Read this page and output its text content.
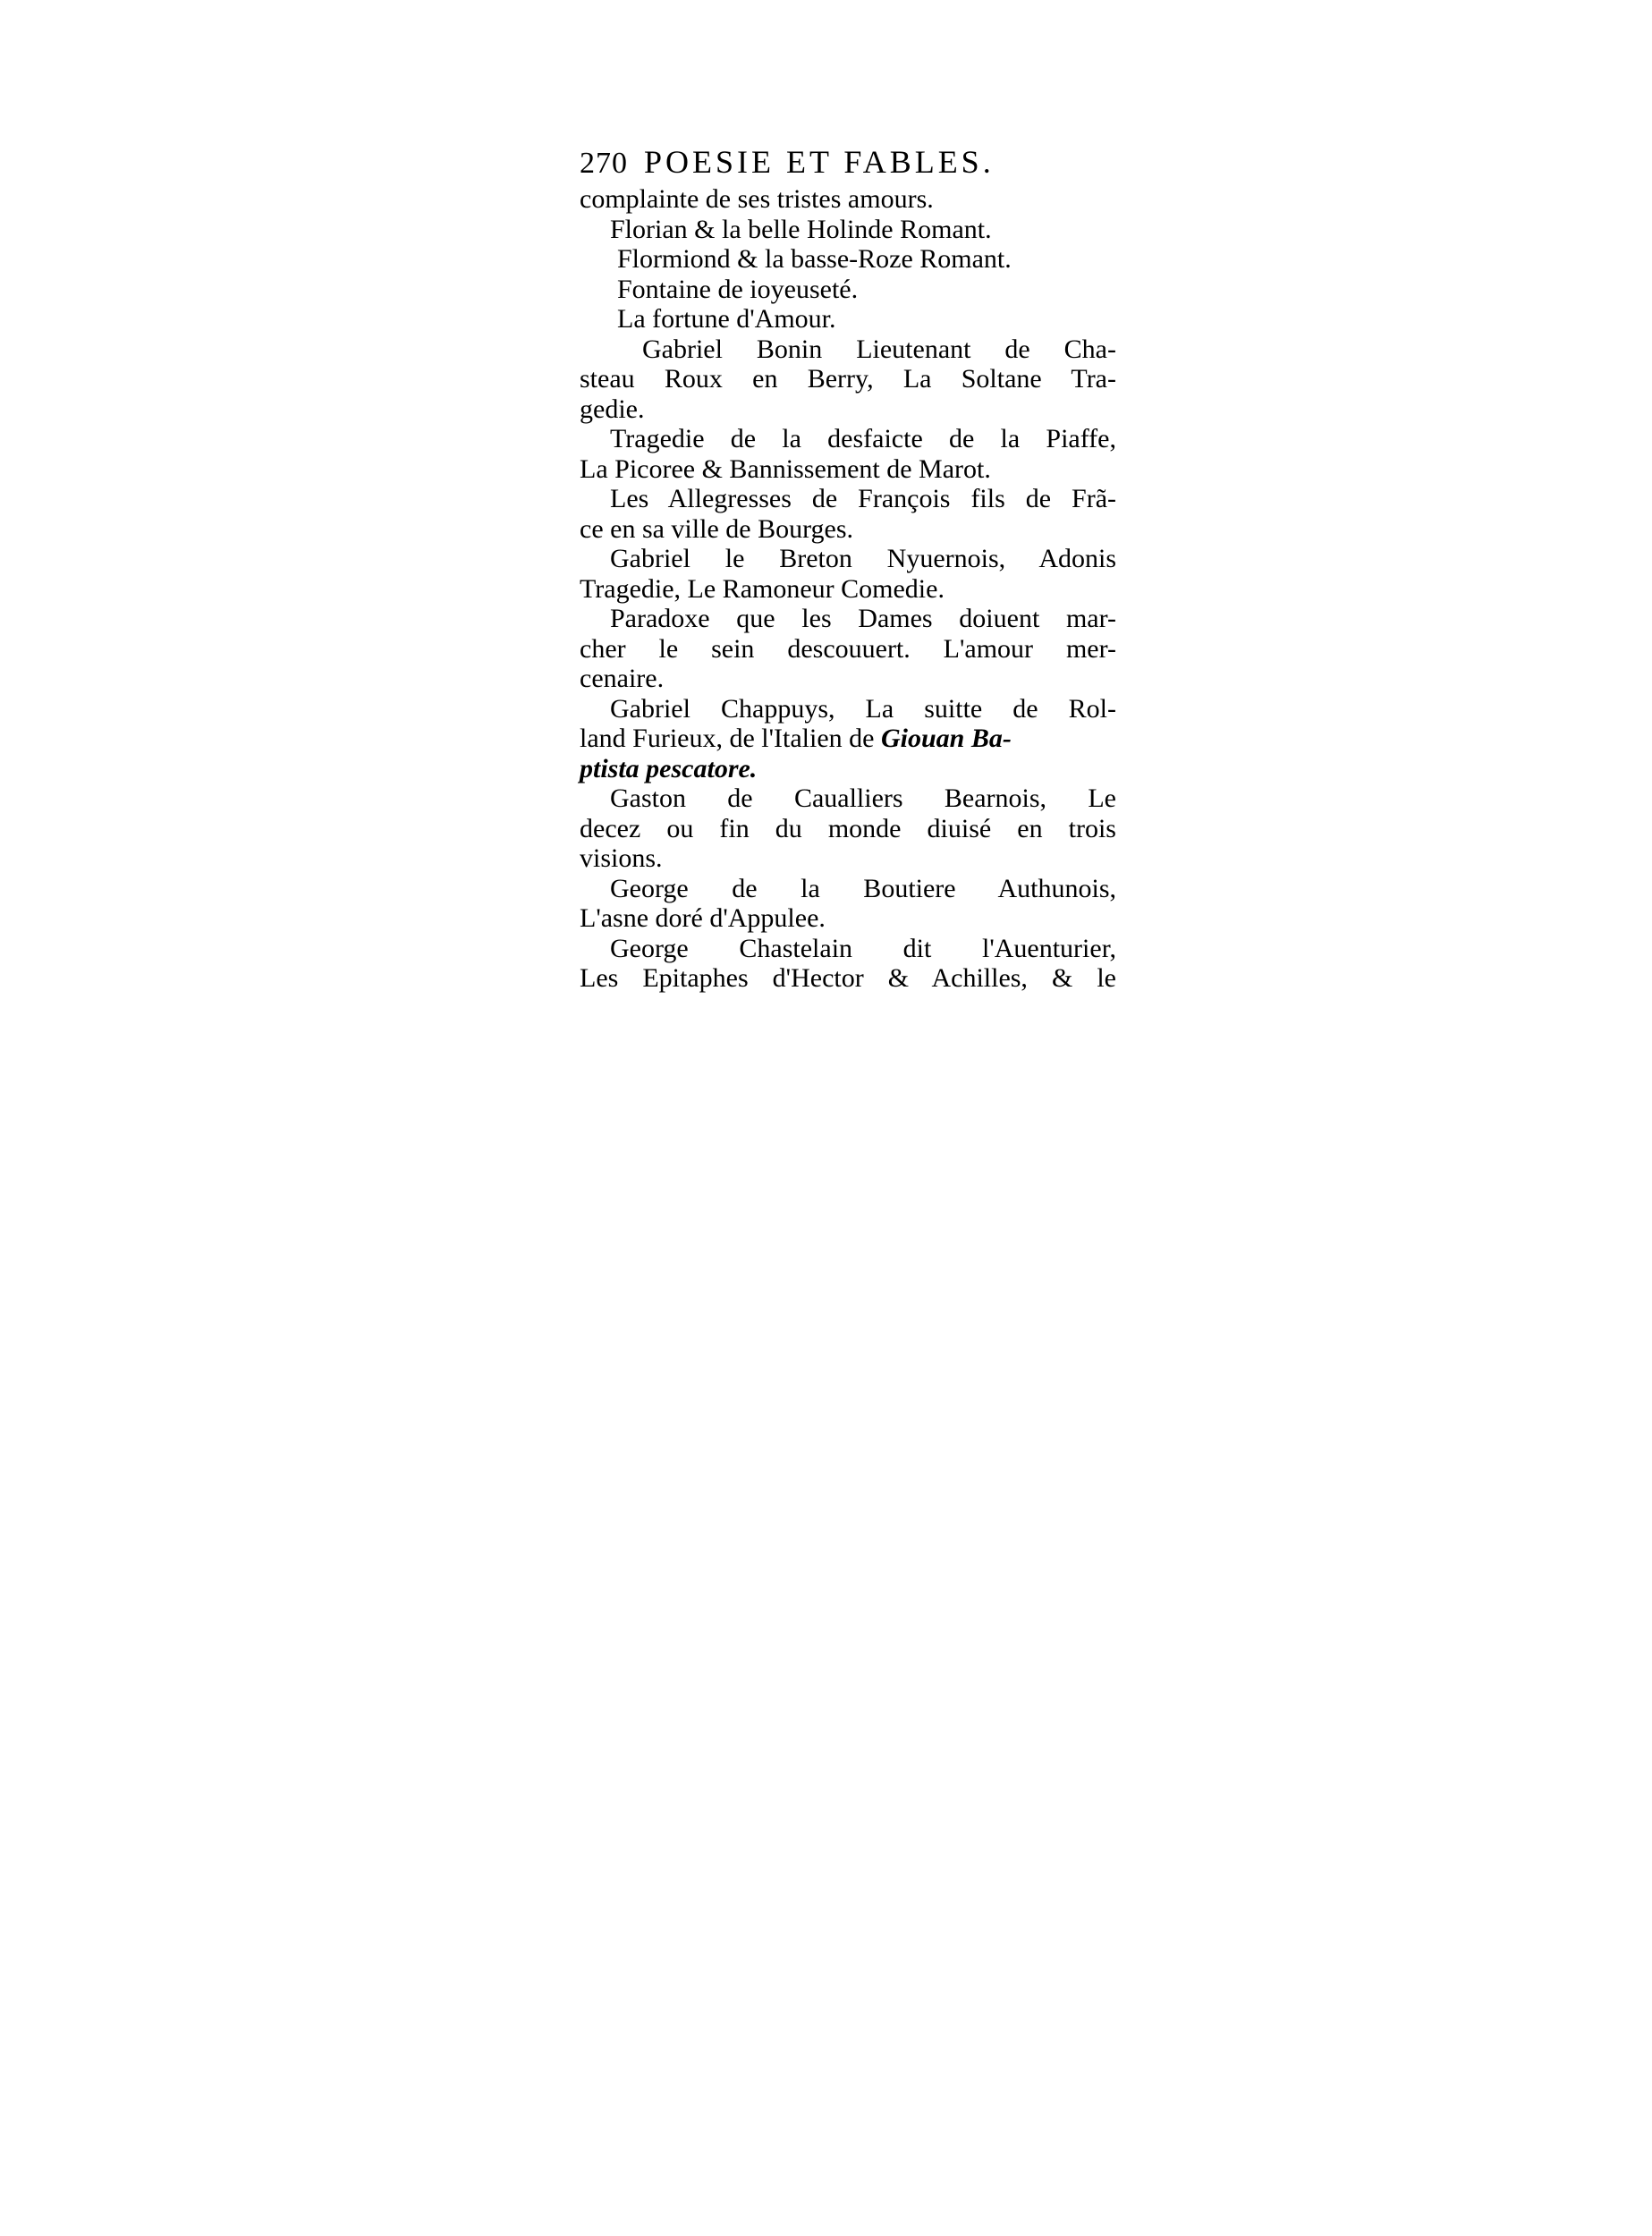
270 POESIE ET FABLES.
complainte de ses tristes amours.
Florian & la belle Holinde Romant.
Flormiond & la basse-Roze Romant.
Fontaine de ioyeuseté.
La fortune d'Amour.
Gabriel Bonin Lieutenant de Cha-
steau Roux en Berry, La Soltane Tra-
gedie.
Tragedie de la desfaicte de la Piaffe,
La Picoree & Bannissement de Marot.
Les Allegresses de François fils de Frã-
ce en sa ville de Bourges.
Gabriel le Breton Nyuernois, Adonis
Tragedie, Le Ramoneur Comedie.
Paradoxe que les Dames doiuent mar-
cher le sein descouuert. L'amour mer-
cenaire.
Gabriel Chappuys, La suitte de Rol-
land Furieux, de l'Italien de Giouan Ba-
ptista pescatore.
Gaston de Caualliers Bearnois, Le
decez ou fin du monde diuisé en trois
visions.
George de la Boutiere Authunois,
L'asne doré d'Appulee.
George Chastelain dit l'Auenturier,
Les Epitaphes d'Hector & Achilles, & le
